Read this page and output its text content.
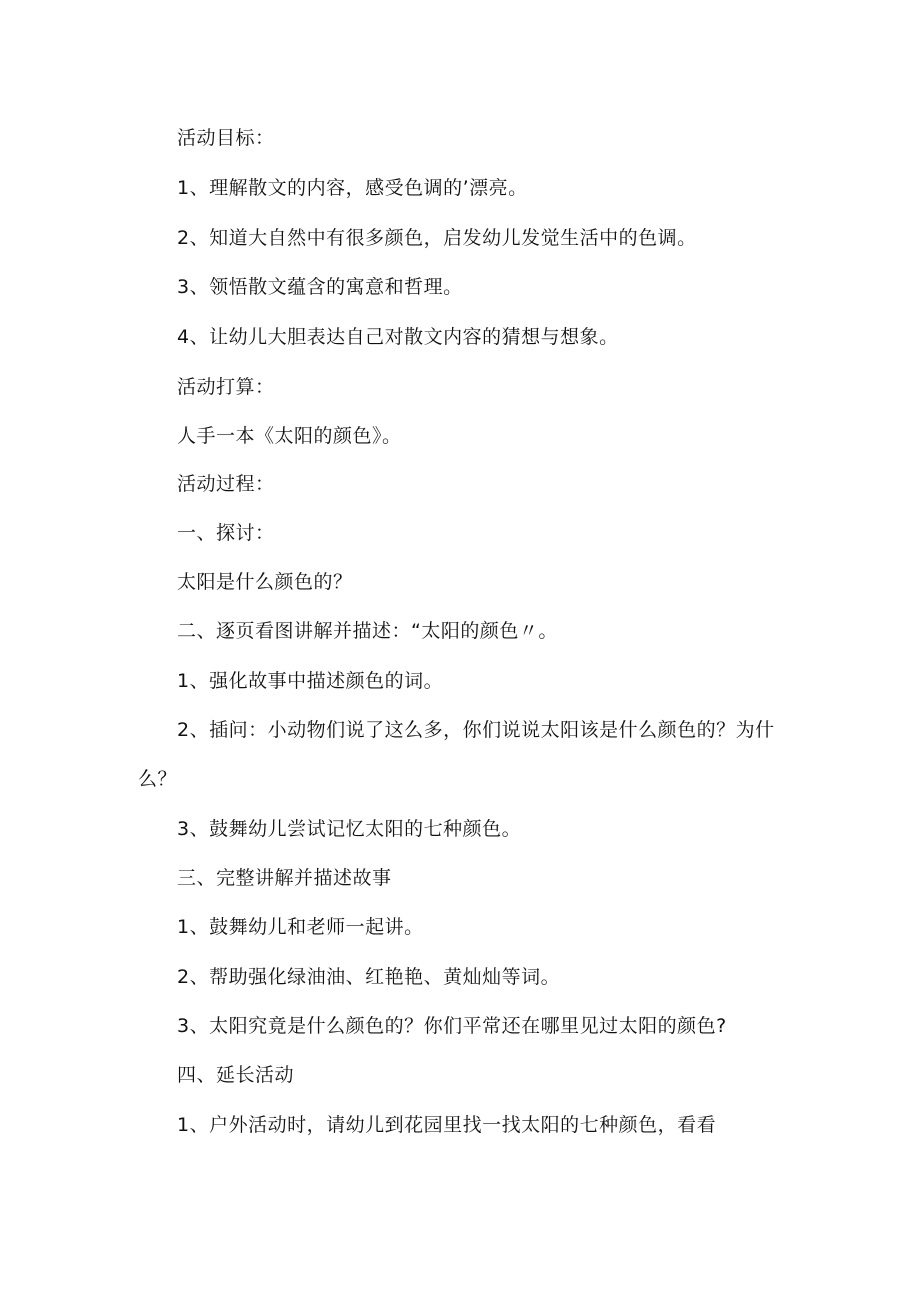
活动目标：
1、理解散文的内容，感受色调的’漂亮。
2、知道大自然中有很多颜色，启发幼儿发觉生活中的色调。
3、领悟散文蕴含的寓意和哲理。
4、让幼儿大胆表达自己对散文内容的猜想与想象。
活动打算：
人手一本《太阳的颜色》。
活动过程：
一、探讨：
太阳是什么颜色的？
二、逐页看图讲解并描述：“太阳的颜色〃。
1、强化故事中描述颜色的词。
2、插问：小动物们说了这么多，你们说说太阳该是什么颜色的？为什
么？
3、鼓舞幼儿尝试记忆太阳的七种颜色。
三、完整讲解并描述故事
1、鼓舞幼儿和老师一起讲。
2、帮助强化绿油油、红艳艳、黄灿灿等词。
3、太阳究竟是什么颜色的？你们平常还在哪里见过太阳的颜色?
四、延长活动
1、户外活动时，请幼儿到花园里找一找太阳的七种颜色，看看
